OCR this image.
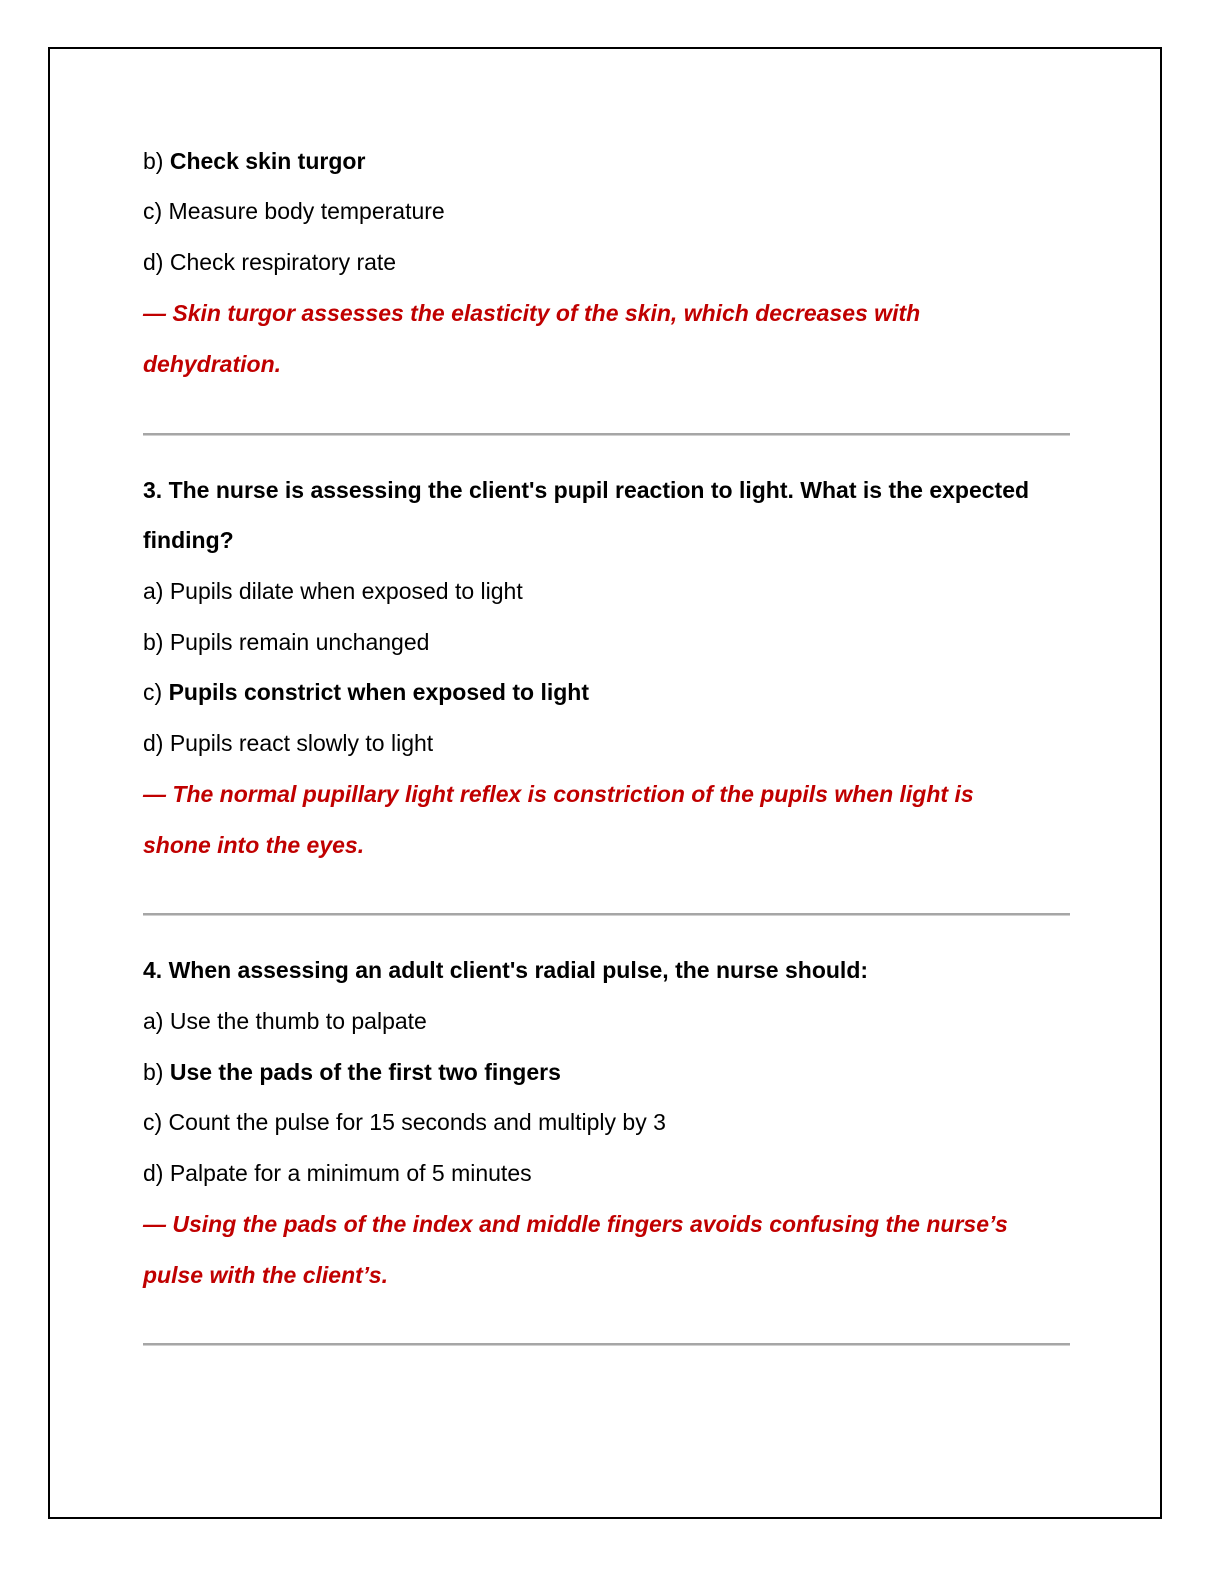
b) Check skin turgor
c) Measure body temperature
d) Check respiratory rate
— Skin turgor assesses the elasticity of the skin, which decreases with
dehydration.
3. The nurse is assessing the client's pupil reaction to light. What is the expected
finding?
a) Pupils dilate when exposed to light
b) Pupils remain unchanged
c) Pupils constrict when exposed to light
d) Pupils react slowly to light
— The normal pupillary light reflex is constriction of the pupils when light is
shone into the eyes.
4. When assessing an adult client's radial pulse, the nurse should:
a) Use the thumb to palpate
b) Use the pads of the first two fingers
c) Count the pulse for 15 seconds and multiply by 3
d) Palpate for a minimum of 5 minutes
— Using the pads of the index and middle fingers avoids confusing the nurse’s
pulse with the client’s.
